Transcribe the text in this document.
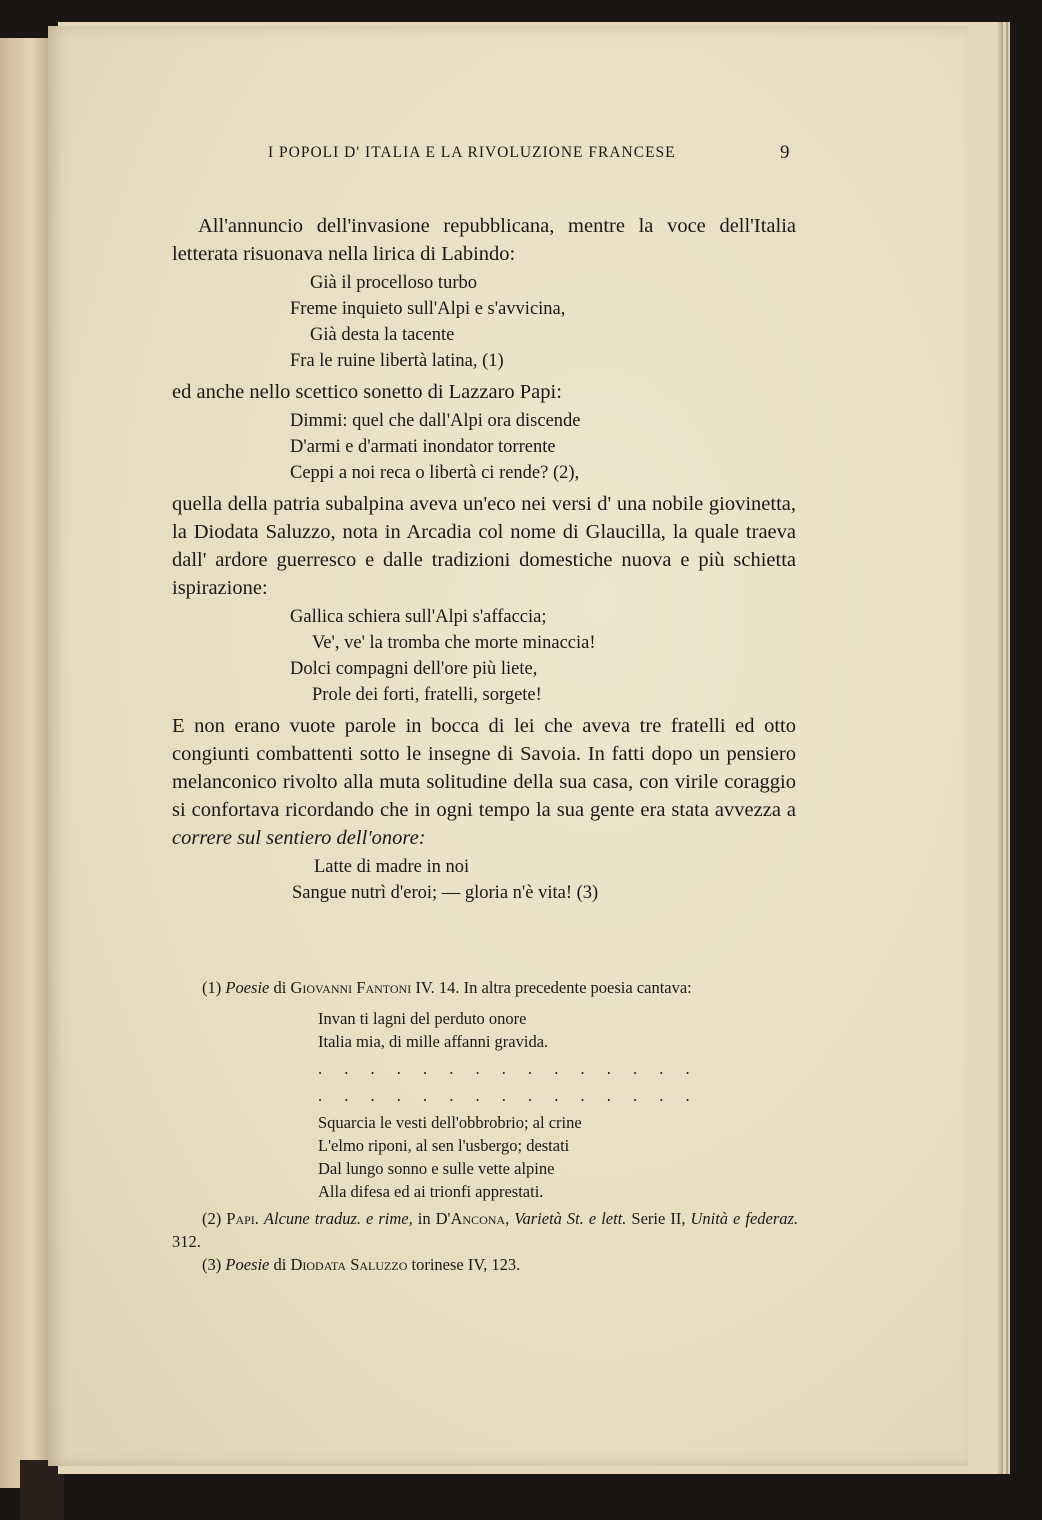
I POPOLI D' ITALIA E LA RIVOLUZIONE FRANCESE	9

All'annuncio dell'invasione repubblicana, mentre la voce dell'Italia letterata risuonava nella lirica di Labindo:

Già il procelloso turbo
Freme inquieto sull'Alpi e s'avvicina,
Già desta la tacente
Fra le ruine libertà latina, (1)

ed anche nello scettico sonetto di Lazzaro Papi:

Dimmi: quel che dall'Alpi ora discende
D'armi e d'armati inondator torrente
Ceppi a noi reca o libertà ci rende? (2),

quella della patria subalpina aveva un'eco nei versi d' una nobile giovinetta, la Diodata Saluzzo, nota in Arcadia col nome di Glaucilla, la quale traeva dall' ardore guerresco e dalle tradizioni domestiche nuova e più schietta ispirazione:

Gallica schiera sull'Alpi s'affaccia;
Ve', ve' la tromba che morte minaccia!
Dolci compagni dell'ore più liete,
Prole dei forti, fratelli, sorgete!

E non erano vuote parole in bocca di lei che aveva tre fratelli ed otto congiunti combattenti sotto le insegne di Savoia. In fatti dopo un pensiero melanconico rivolto alla muta solitudine della sua casa, con virile coraggio si confortava ricordando che in ogni tempo la sua gente era stata avvezza a correre sul sentiero dell'onore:

Latte di madre in noi
Sangue nutrì d'eroi; — gloria n'è vita! (3)

(1) Poesie di Giovanni Fantoni IV. 14. In altra precedente poesia cantava:

Invan ti lagni del perduto onore
Italia mia, di mille affanni gravida.
. . . . . . . . . . . . . . .
. . . . . . . . . . . . . . .
Squarcia le vesti dell'obbrobrio; al crine
L'elmo riponi, al sen l'usbergo; destati
Dal lungo sonno e sulle vette alpine
Alla difesa ed ai trionfi apprestati.

(2) Papi. Alcune traduz. e rime, in D'Ancona, Varietà St. e lett. Serie II, Unità e federaz. 312.

(3) Poesie di Diodata Saluzzo torinese IV, 123.
